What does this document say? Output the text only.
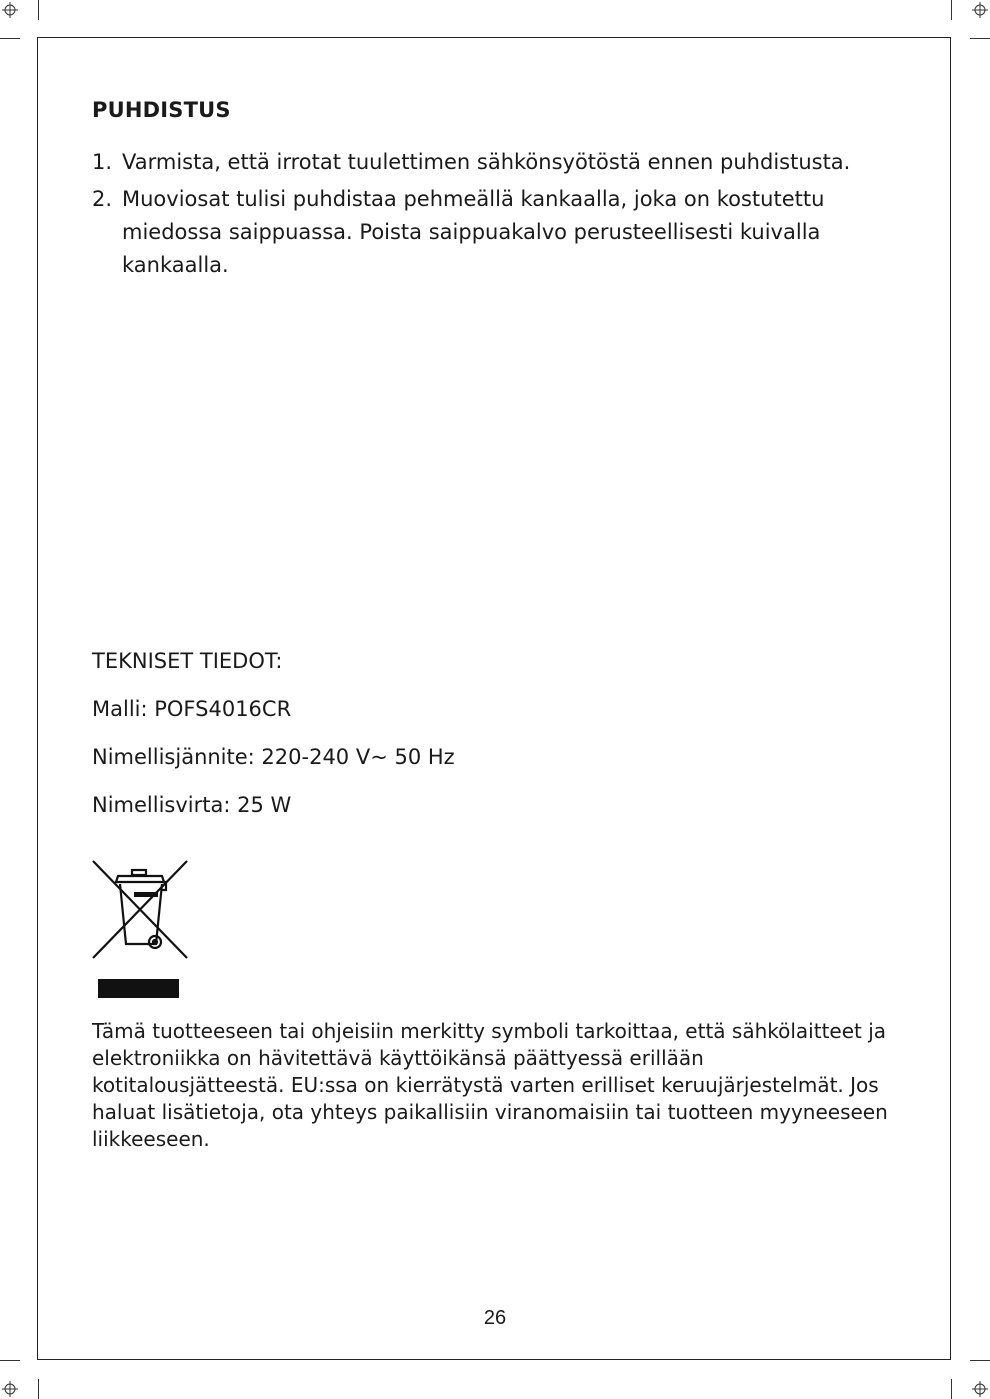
PUHDISTUS
1. Varmista, että irrotat tuulettimen sähkönsyötöstä ennen puhdistusta.
2. Muoviosat tulisi puhdistaa pehmeällä kankaalla, joka on kostutettu miedossa saippuassa. Poista saippuakalvo perusteellisesti kuivalla kankaalla.

TEKNISET TIEDOT:

Malli: POFS4016CR

Nimellisjännite: 220-240 V~ 50 Hz

Nimellisvirta: 25 W

Tämä tuotteeseen tai ohjeisiin merkitty symboli tarkoittaa, että sähkölaitteet ja elektroniikka on hävitettävä käyttöikänsä päättyessä erillään kotitalousjätteestä. EU:ssa on kierrätystä varten erilliset keruujärjestelmät. Jos haluat lisätietoja, ota yhteys paikallisiin viranomaisiin tai tuotteen myyneeseen liikkeeseen.

26
